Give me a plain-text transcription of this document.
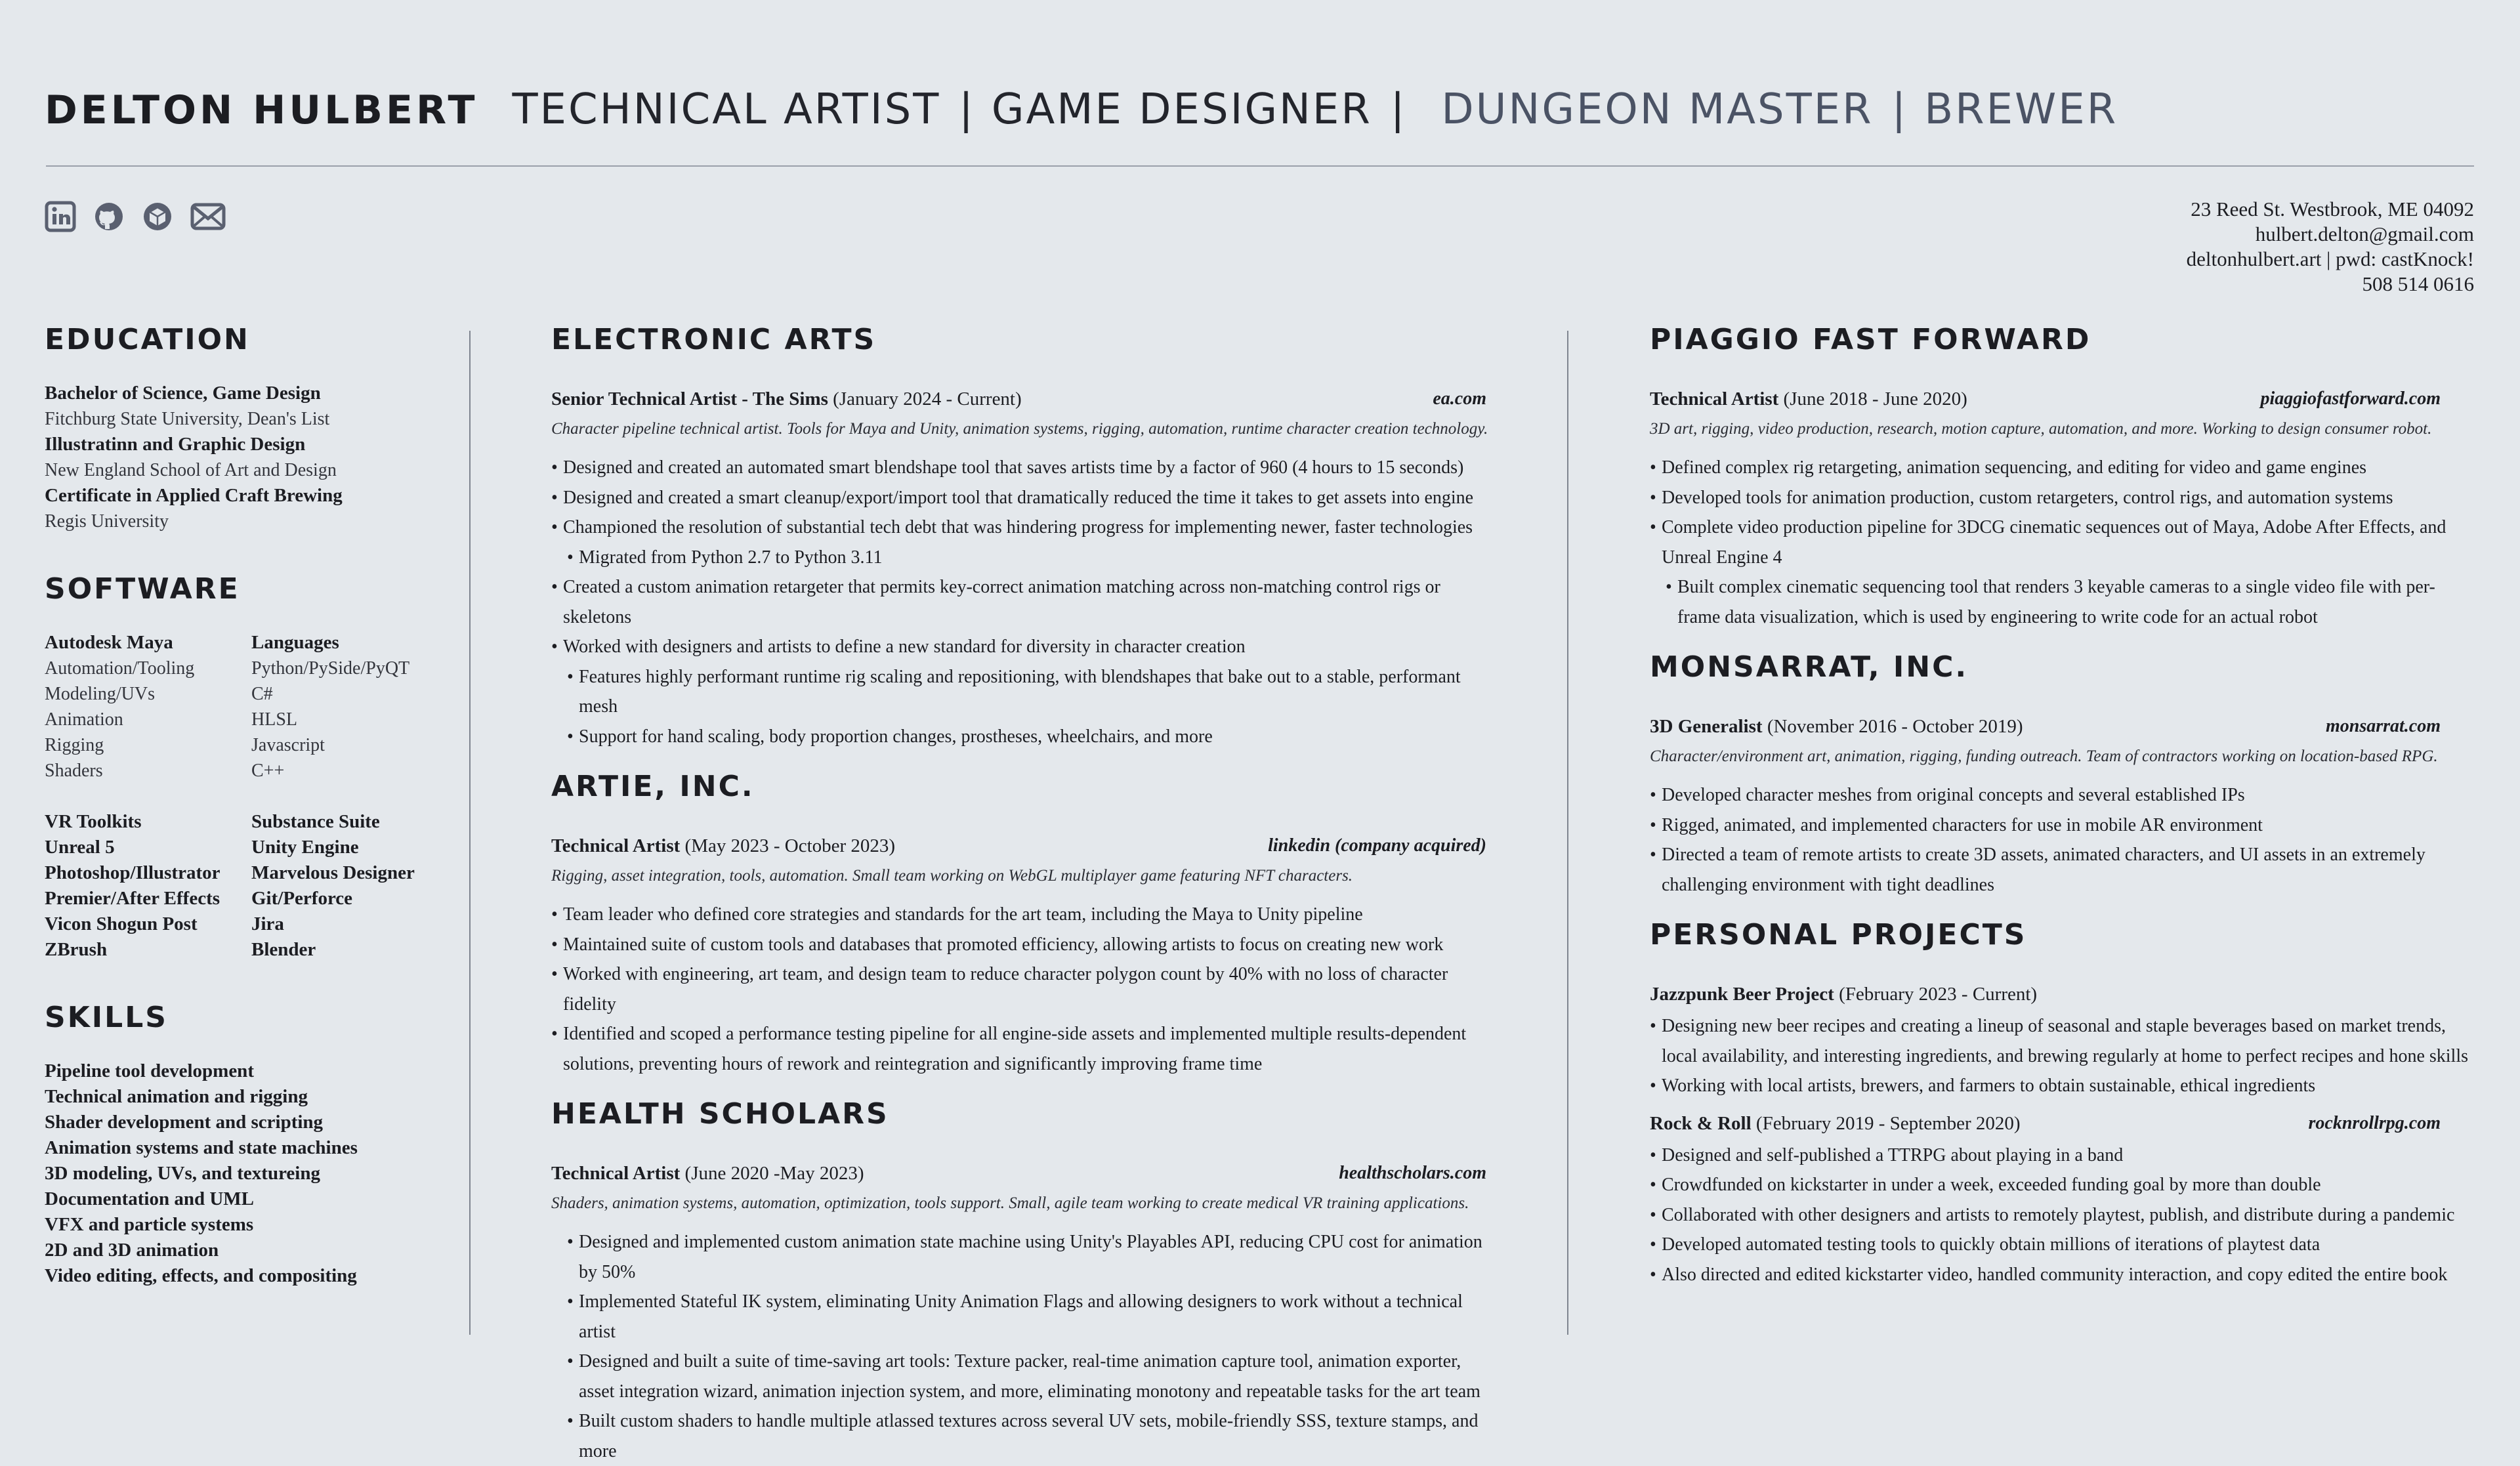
DELTON HULBERT TECHNICAL ARTIST | GAME DESIGNER | DUNGEON MASTER | BREWER
23 Reed St. Westbrook, ME 04092
hulbert.delton@gmail.com
deltonhulbert.art | pwd: castKnock!
508 514 0616
EDUCATION
Bachelor of Science, Game Design
Fitchburg State University, Dean's List
Illustratinn and Graphic Design
New England School of Art and Design
Certificate in Applied Craft Brewing
Regis University
SOFTWARE
Autodesk Maya	Languages
Automation/Tooling	Python/PySide/PyQT
Modeling/UVs	C#
Animation	HLSL
Rigging	Javascript
Shaders	C++
VR Toolkits	Substance Suite
Unreal 5	Unity Engine
Photoshop/Illustrator	Marvelous Designer
Premier/After Effects	Git/Perforce
Vicon Shogun Post	Jira
ZBrush	Blender
SKILLS
Pipeline tool development
Technical animation and rigging
Shader development and scripting
Animation systems and state machines
3D modeling, UVs, and textureing
Documentation and UML
VFX and particle systems
2D and 3D animation
Video editing, effects, and compositing
ELECTRONIC ARTS
Senior Technical Artist - The Sims (January 2024 - Current)	ea.com
Character pipeline technical artist. Tools for Maya and Unity, animation systems, rigging, automation, runtime character creation technology.
• Designed and created an automated smart blendshape tool that saves artists time by a factor of 960 (4 hours to 15 seconds)
• Designed and created a smart cleanup/export/import tool that dramatically reduced the time it takes to get assets into engine
• Championed the resolution of substantial tech debt that was hindering progress for implementing newer, faster technologies
• Migrated from Python 2.7 to Python 3.11
• Created a custom animation retargeter that permits key-correct animation matching across non-matching control rigs or skeletons
• Worked with designers and artists to define a new standard for diversity in character creation
• Features highly performant runtime rig scaling and repositioning, with blendshapes that bake out to a stable, performant mesh
• Support for hand scaling, body proportion changes, prostheses, wheelchairs, and more
ARTIE, INC.
Technical Artist (May 2023 - October 2023)	linkedin (company acquired)
Rigging, asset integration, tools, automation. Small team working on WebGL multiplayer game featuring NFT characters.
• Team leader who defined core strategies and standards for the art team, including the Maya to Unity pipeline
• Maintained suite of custom tools and databases that promoted efficiency, allowing artists to focus on creating new work
• Worked with engineering, art team, and design team to reduce character polygon count by 40% with no loss of character fidelity
• Identified and scoped a performance testing pipeline for all engine-side assets and implemented multiple results-dependent solutions, preventing hours of rework and reintegration and significantly improving frame time
HEALTH SCHOLARS
Technical Artist (June 2020 -May 2023)	healthscholars.com
Shaders, animation systems, automation, optimization, tools support. Small, agile team working to create medical VR training applications.
• Designed and implemented custom animation state machine using Unity's Playables API, reducing CPU cost for animation by 50%
• Implemented Stateful IK system, eliminating Unity Animation Flags and allowing designers to work without a technical artist
• Designed and built a suite of time-saving art tools: Texture packer, real-time animation capture tool, animation exporter, asset integration wizard, animation injection system, and more, eliminating monotony and repeatable tasks for the art team
• Built custom shaders to handle multiple atlassed textures across several UV sets, mobile-friendly SSS, texture stamps, and more
PIAGGIO FAST FORWARD
Technical Artist (June 2018 - June 2020)	piaggiofastforward.com
3D art, rigging, video production, research, motion capture, automation, and more. Working to design consumer robot.
• Defined complex rig retargeting, animation sequencing, and editing for video and game engines
• Developed tools for animation production, custom retargeters, control rigs, and automation systems
• Complete video production pipeline for 3DCG cinematic sequences out of Maya, Adobe After Effects, and Unreal Engine 4
• Built complex cinematic sequencing tool that renders 3 keyable cameras to a single video file with per-frame data visualization, which is used by engineering to write code for an actual robot
MONSARRAT, INC.
3D Generalist (November 2016 - October 2019)	monsarrat.com
Character/environment art, animation, rigging, funding outreach. Team of contractors working on location-based RPG.
• Developed character meshes from original concepts and several established IPs
• Rigged, animated, and implemented characters for use in mobile AR environment
• Directed a team of remote artists to create 3D assets, animated characters, and UI assets in an extremely challenging environment with tight deadlines
PERSONAL PROJECTS
Jazzpunk Beer Project (February 2023 - Current)
• Designing new beer recipes and creating a lineup of seasonal and staple beverages based on market trends, local availability, and interesting ingredients, and brewing regularly at home to perfect recipes and hone skills
• Working with local artists, brewers, and farmers to obtain sustainable, ethical ingredients
Rock & Roll (February 2019 - September 2020)	rocknrollrpg.com
• Designed and self-published a TTRPG about playing in a band
• Crowdfunded on kickstarter in under a week, exceeded funding goal by more than double
• Collaborated with other designers and artists to remotely playtest, publish, and distribute during a pandemic
• Developed automated testing tools to quickly obtain millions of iterations of playtest data
• Also directed and edited kickstarter video, handled community interaction, and copy edited the entire book
